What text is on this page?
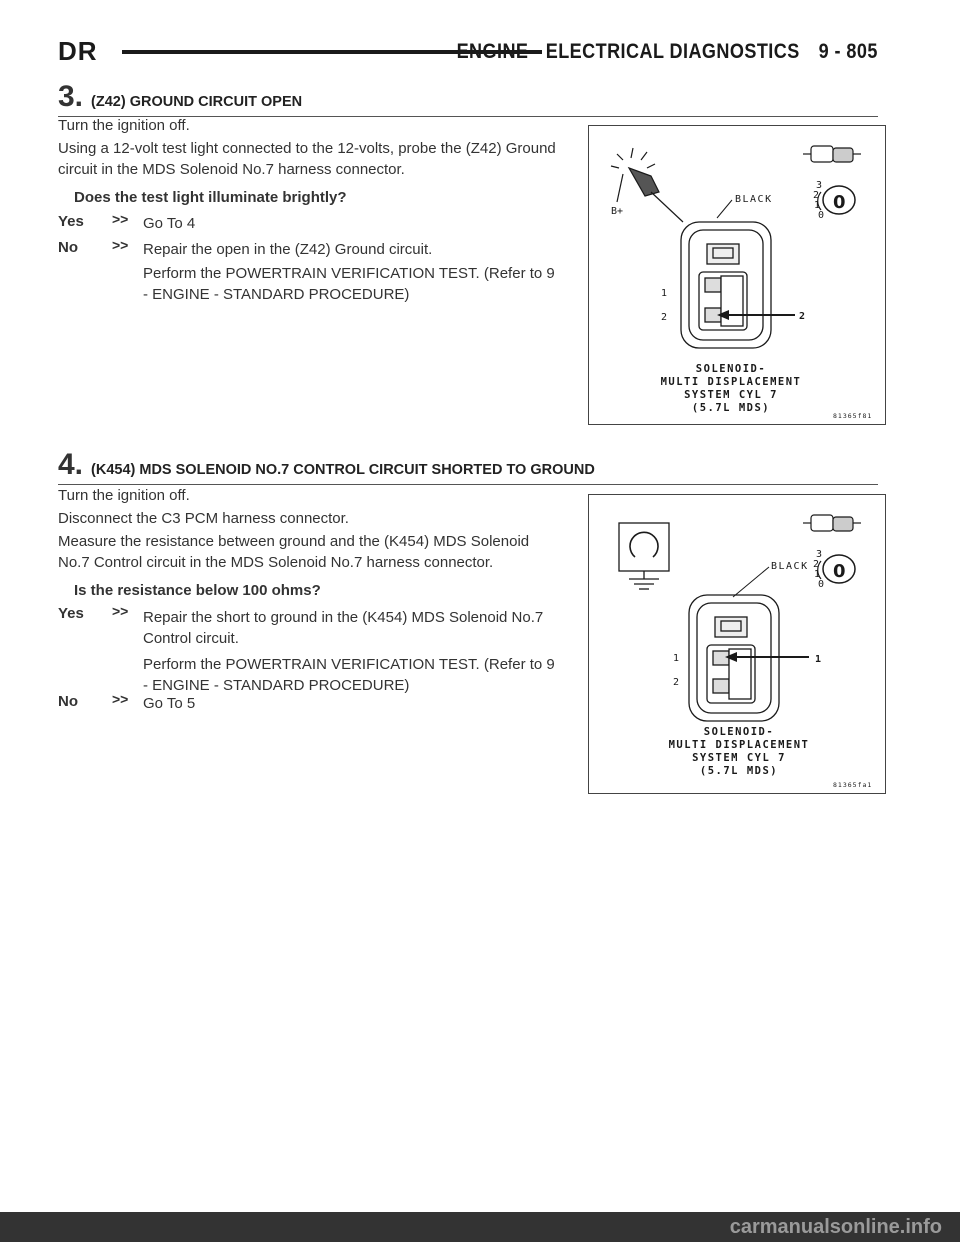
DR	ENGINE - ELECTRICAL DIAGNOSTICS 9 - 805
3. (Z42) GROUND CIRCUIT OPEN
Turn the ignition off.
Using a 12-volt test light connected to the 12-volts, probe the (Z42) Ground circuit in the MDS Solenoid No.7 harness connector.
Does the test light illuminate brightly?
Yes >> Go To 4
No >> Repair the open in the (Z42) Ground circuit.
Perform the POWERTRAIN VERIFICATION TEST. (Refer to 9 - ENGINE - STANDARD PROCEDURE)
B+
3
2
1
0
0
BLACK
1
2	2
SOLENOID-
MULTI DISPLACEMENT
SYSTEM CYL 7
(5.7L MDS)
81365f81
4. (K454) MDS SOLENOID NO.7 CONTROL CIRCUIT SHORTED TO GROUND
Turn the ignition off.
Disconnect the C3 PCM harness connector.
Measure the resistance between ground and the (K454) MDS Solenoid No.7 Control circuit in the MDS Solenoid No.7 harness connector.
Is the resistance below 100 ohms?
Yes >> Repair the short to ground in the (K454) MDS Solenoid No.7 Control circuit.
Perform the POWERTRAIN VERIFICATION TEST. (Refer to 9 - ENGINE - STANDARD PROCEDURE)
No >> Go To 5
3
2
1
0
0
BLACK
1
2
1
SOLENOID-
MULTI DISPLACEMENT
SYSTEM CYL 7
(5.7L MDS)
81365fa1
carmanualsonline.info
